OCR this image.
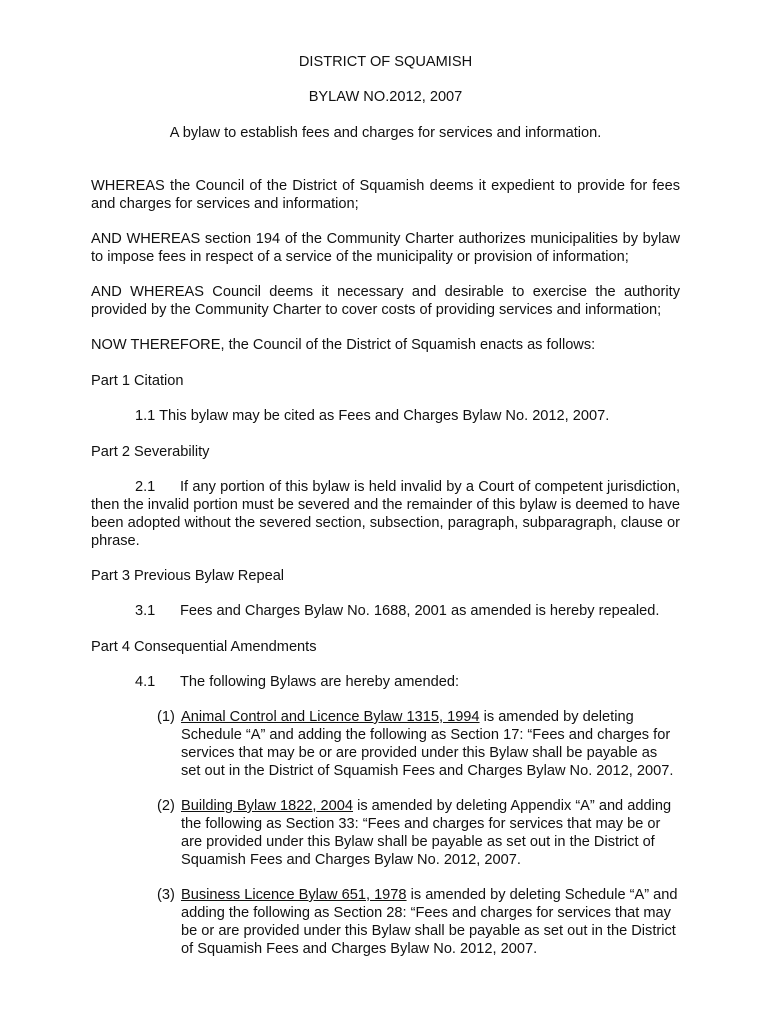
DISTRICT OF SQUAMISH

BYLAW NO.2012, 2007

A bylaw to establish fees and charges for services and information.

WHEREAS the Council of the District of Squamish deems it expedient to provide for fees and charges for services and information;

AND WHEREAS section 194 of the Community Charter authorizes municipalities by bylaw to impose fees in respect of a service of the municipality or provision of information;

AND WHEREAS Council deems it necessary and desirable to exercise the authority provided by the Community Charter to cover costs of providing services and information;

NOW THEREFORE, the Council of the District of Squamish enacts as follows:

Part 1 Citation

1.1 This bylaw may be cited as Fees and Charges Bylaw No. 2012, 2007.

Part 2 Severability

2.1 If any portion of this bylaw is held invalid by a Court of competent jurisdiction, then the invalid portion must be severed and the remainder of this bylaw is deemed to have been adopted without the severed section, subsection, paragraph, subparagraph, clause or phrase.

Part 3 Previous Bylaw Repeal

3.1 Fees and Charges Bylaw No. 1688, 2001 as amended is hereby repealed.

Part 4 Consequential Amendments

4.1 The following Bylaws are hereby amended:

(1) Animal Control and Licence Bylaw 1315, 1994 is amended by deleting Schedule “A” and adding the following as Section 17: “Fees and charges for services that may be or are provided under this Bylaw shall be payable as set out in the District of Squamish Fees and Charges Bylaw No. 2012, 2007.
(2) Building Bylaw 1822, 2004 is amended by deleting Appendix “A” and adding the following as Section 33: “Fees and charges for services that may be or are provided under this Bylaw shall be payable as set out in the District of Squamish Fees and Charges Bylaw No. 2012, 2007.
(3) Business Licence Bylaw 651, 1978 is amended by deleting Schedule “A” and adding the following as Section 28: “Fees and charges for services that may be or are provided under this Bylaw shall be payable as set out in the District of Squamish Fees and Charges Bylaw No. 2012, 2007.
